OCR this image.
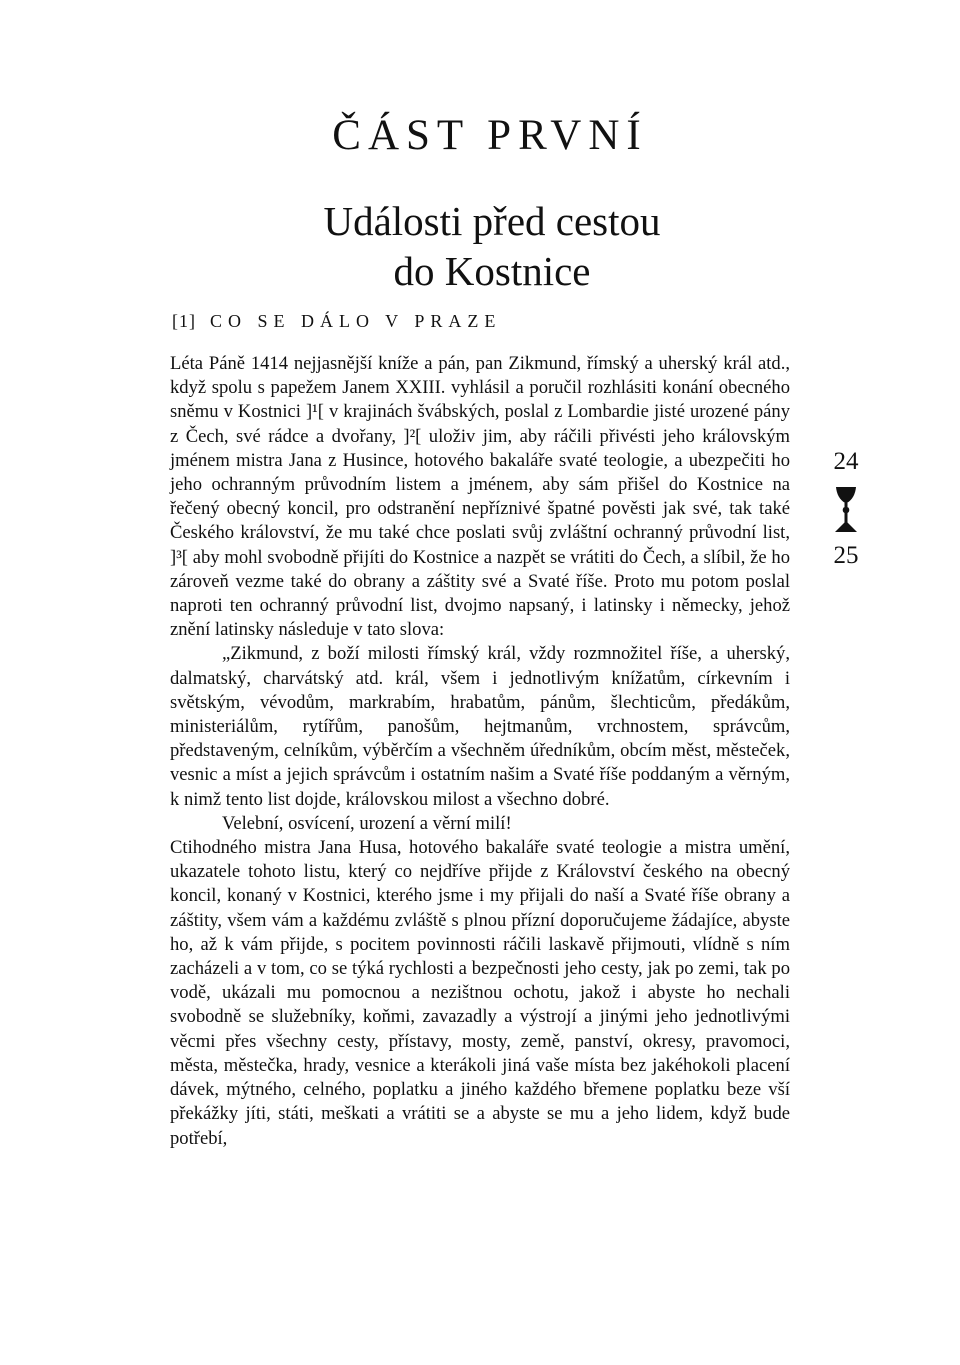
ČÁST PRVNÍ
Události před cestou
do Kostnice
[1] CO SE DÁLO V PRAZE

Léta Páně 1414 nejjasnější kníže a pán, pan Zikmund, římský a uherský král atd., když spolu s papežem Janem XXIII. vyhlásil a poručil rozhlásiti konání obecného sněmu v Kostnici ]¹[ v krajinách švábských, poslal z Lombardie jisté urozené pány z Čech, své rádce a dvořany, ]²[ uloživ jim, aby ráčili přivésti jeho královským jménem mistra Jana z Husince, hotového bakaláře svaté teologie, a ubezpečiti ho jeho ochranným průvodním listem a jménem, aby sám přišel do Kostnice na řečený obecný koncil, pro odstranění nepříznivé špatné pověsti jak své, tak také Českého království, že mu také chce poslati svůj zvláštní ochranný průvodní list, ]³[ aby mohl svobodně přijíti do Kostnice a nazpět se vrátiti do Čech, a slíbil, že ho zároveň vezme také do obrany a záštity své a Svaté říše. Proto mu potom poslal naproti ten ochranný průvodní list, dvojmo napsaný, i latinsky i německy, jehož znění latinsky následuje v tato slova:

„Zikmund, z boží milosti římský král, vždy rozmnožitel říše, a uherský, dalmatský, charvátský atd. král, všem i jednotlivým knížatům, církevním i světským, vévodům, markrabím, hrabatům, pánům, šlechticům, předákům, ministeriálům, rytířům, panošům, hejtmanům, vrchnostem, správcům, představeným, celníkům, výběrčím a všechněm úředníkům, obcím měst, městeček, vesnic a míst a jejich správcům i ostatním našim a Svaté říše poddaným a věrným, k nimž tento list dojde, královskou milost a všechno dobré.

Velební, osvícení, urození a věrní milí!

Ctihodného mistra Jana Husa, hotového bakaláře svaté teologie a mistra umění, ukazatele tohoto listu, který co nejdříve přijde z Království českého na obecný koncil, konaný v Kostnici, kterého jsme i my přijali do naší a Svaté říše obrany a záštity, všem vám a každému zvláště s plnou přízní doporučujeme žádajíce, abyste ho, až k vám přijde, s pocitem povinnosti ráčili laskavě přijmouti, vlídně s ním zacházeli a v tom, co se týká rychlosti a bezpečnosti jeho cesty, jak po zemi, tak po vodě, ukázali mu pomocnou a nezištnou ochotu, jakož i abyste ho nechali svobodně se služebníky, koňmi, zavazadly a výstrojí a jinými jeho jednotlivými věcmi přes všechny cesty, přístavy, mosty, země, panství, okresy, pravomoci, města, městečka, hrady, vesnice a kterákoli jiná vaše místa bez jakéhokoli placení dávek, mýtného, celného, poplatku a jiného každého břemene poplatku beze vší překážky jíti, státi, meškati a vrátiti se a abyste se mu a jeho lidem, když bude potřebí,

24
25
